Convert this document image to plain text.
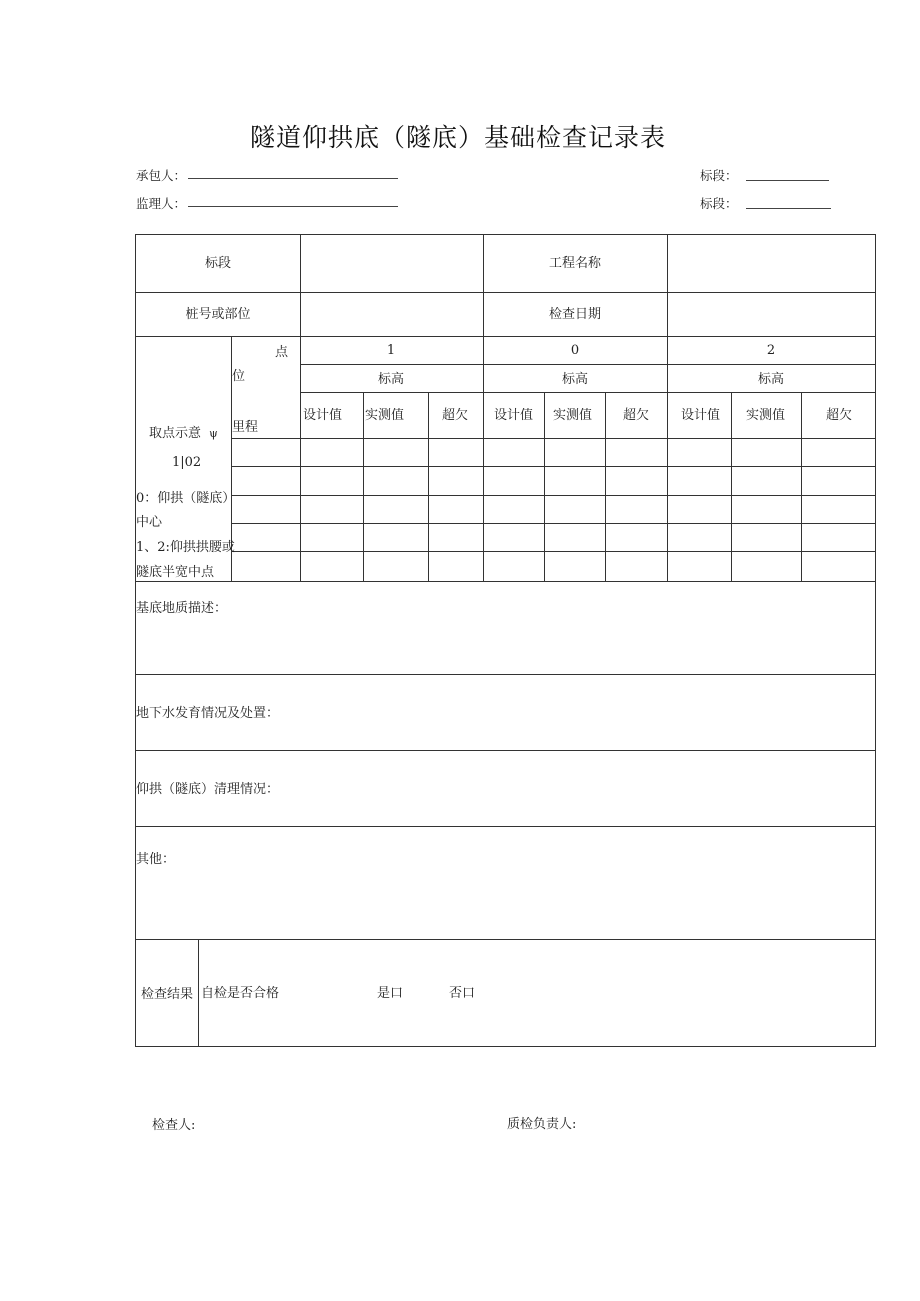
隧道仰拱底（隧底）基础检查记录表
承包人：
监理人：
标段：
标段：
标段	工程名称
桩号或部位	检查日期
点
位
里程
1	0	2
标高	标高	标高
设计值 实测值	超欠 设计值 实测值 超欠 设计值 实测值	超欠
取点示意 ψ
1|02
0：仰拱（隧底）
中心
1、2:仰拱拱腰或
隧底半宽中点
基底地质描述：
地下水发育情况及处置：
仰拱（隧底）清理情况：
其他：
检查结果 自检是否合格	是口	否口
检查人:	质检负责人:
